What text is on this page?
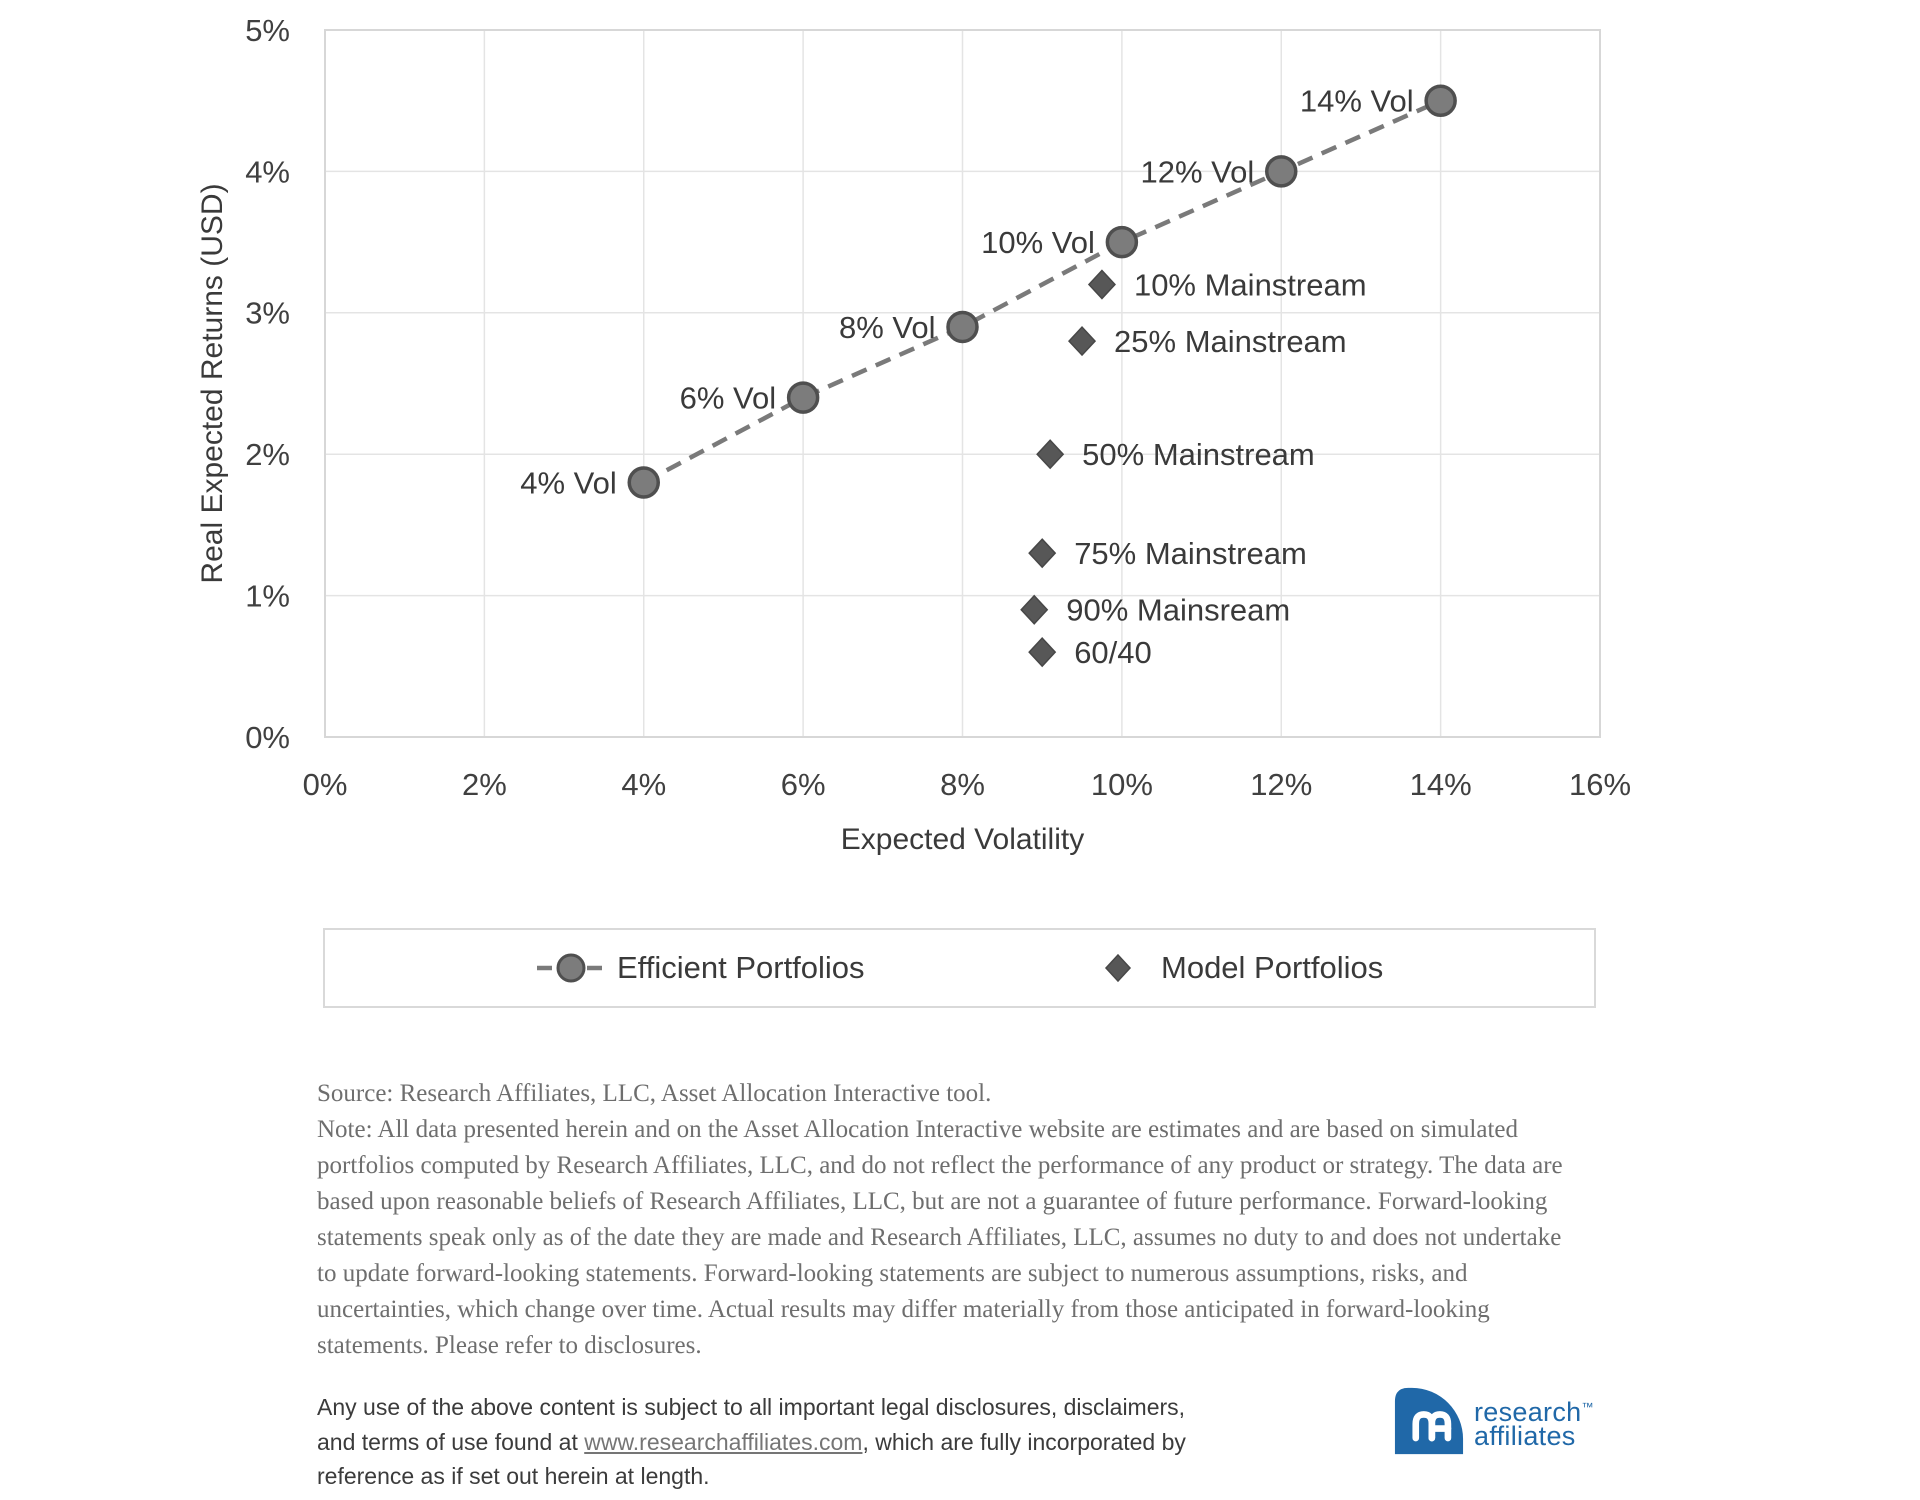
0%	2%	4%	6%	8%	10%	12%	14%	16%
0%
1%
2%
3%
4%
5%
Expected Volatility
Real Expected Returns (USD)	4% Vol
6% Vol
8% Vol
10% Vol
12% Vol
14% Vol
10% Mainstream
25% Mainstream
50% Mainstream
75% Mainstream
90% Mainsream
60/40
Efficient Portfolios	Model Portfolios
Source: Research Affiliates, LLC, Asset Allocation Interactive tool.
Note: All data presented herein and on the Asset Allocation Interactive website are estimates and are based on simulated
portfolios computed by Research Affiliates, LLC, and do not reflect the performance of any product or strategy. The data are
based upon reasonable beliefs of Research Affiliates, LLC, but are not a guarantee of future performance. Forward-looking
statements speak only as of the date they are made and Research Affiliates, LLC, assumes no duty to and does not undertake
to update forward-looking statements. Forward-looking statements are subject to numerous assumptions, risks, and
uncertainties, which change over time. Actual results may differ materially from those anticipated in forward-looking
statements. Please refer to disclosures.
Any use of the above content is subject to all important legal disclosures, disclaimers,
and terms of use found at www.researchaffiliates.com, which are fully incorporated by
reference as if set out herein at length.
research™
affiliates
